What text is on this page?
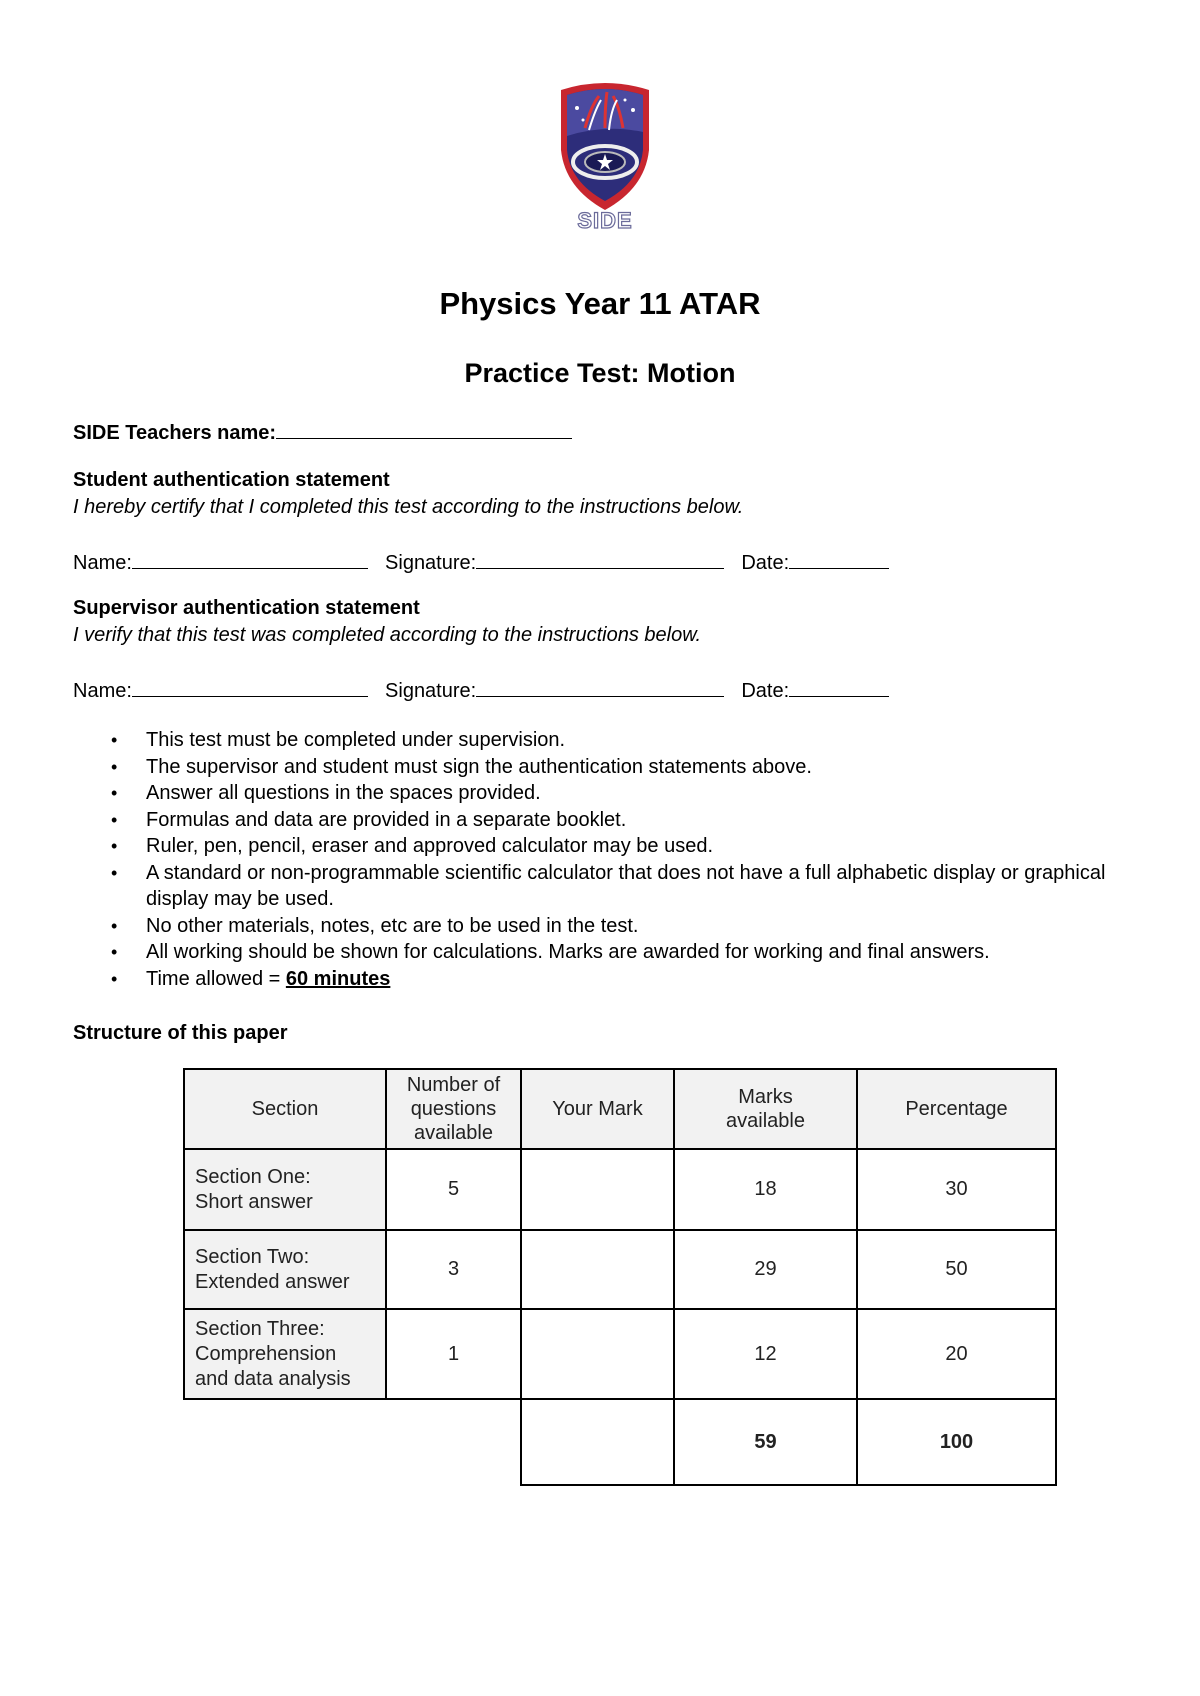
SIDE
Physics Year 11 ATAR
Practice Test: Motion
SIDE Teachers name:
Student authentication statement
I hereby certify that I completed this test according to the instructions below.
Name:	Signature:	Date:
Supervisor authentication statement
I verify that this test was completed according to the instructions below.
Name:	Signature:	Date:
• This test must be completed under supervision.
• The supervisor and student must sign the authentication statements above.
• Answer all questions in the spaces provided.
• Formulas and data are provided in a separate booklet.
• Ruler, pen, pencil, eraser and approved calculator may be used.
• A standard or non-programmable scientific calculator that does not have a full alphabetic display or graphical display may be used.
• No other materials, notes, etc are to be used in the test.
• All working should be shown for calculations. Marks are awarded for working and final answers.
• Time allowed = 60 minutes
Structure of this paper
Section	Number of questions available	Your Mark	Marks available	Percentage
Section One: Short answer	5		18	30
Section Two: Extended answer	3		29	50
Section Three: Comprehension and data analysis	1		12	20
			59	100
